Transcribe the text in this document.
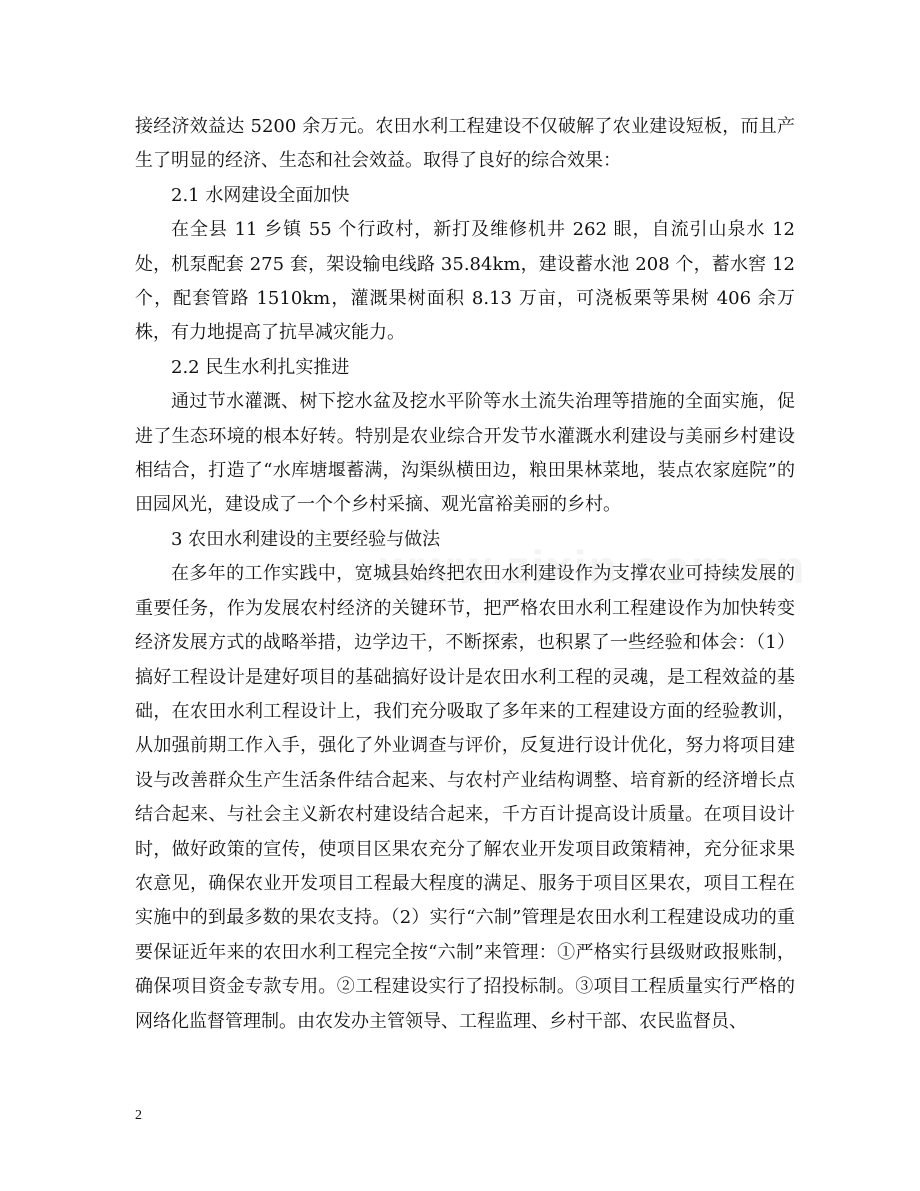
接经济效益达 5200 余万元。农田水利工程建设不仅破解了农业建设短板，而且产生了明显的经济、生态和社会效益。取得了良好的综合效果：

2.1 水网建设全面加快

在全县 11 乡镇 55 个行政村，新打及维修机井 262 眼，自流引山泉水 12 处，机泵配套 275 套，架设输电线路 35.84km，建设蓄水池 208 个，蓄水窖 12 个，配套管路 1510km，灌溉果树面积 8.13 万亩，可浇板栗等果树 406 余万株，有力地提高了抗旱减灾能力。

2.2 民生水利扎实推进

通过节水灌溉、树下挖水盆及挖水平阶等水土流失治理等措施的全面实施，促进了生态环境的根本好转。特别是农业综合开发节水灌溉水利建设与美丽乡村建设相结合，打造了“水库塘堰蓄满，沟渠纵横田边，粮田果林菜地，装点农家庭院”的田园风光，建设成了一个个乡村采摘、观光富裕美丽的乡村。

3 农田水利建设的主要经验与做法

在多年的工作实践中，宽城县始终把农田水利建设作为支撑农业可持续发展的重要任务，作为发展农村经济的关键环节，把严格农田水利工程建设作为加快转变经济发展方式的战略举措，边学边干，不断探索，也积累了一些经验和体会：（1）搞好工程设计是建好项目的基础搞好设计是农田水利工程的灵魂，是工程效益的基础，在农田水利工程设计上，我们充分吸取了多年来的工程建设方面的经验教训，从加强前期工作入手，强化了外业调查与评价，反复进行设计优化，努力将项目建设与改善群众生产生活条件结合起来、与农村产业结构调整、培育新的经济增长点结合起来、与社会主义新农村建设结合起来，千方百计提高设计质量。在项目设计时，做好政策的宣传，使项目区果农充分了解农业开发项目政策精神，充分征求果农意见，确保农业开发项目工程最大程度的满足、服务于项目区果农，项目工程在实施中的到最多数的果农支持。（2）实行“六制”管理是农田水利工程建设成功的重要保证近年来的农田水利工程完全按“六制”来管理：①严格实行县级财政报账制，确保项目资金专款专用。②工程建设实行了招投标制。③项目工程质量实行严格的网络化监督管理制。由农发办主管领导、工程监理、乡村干部、农民监督员、

2
